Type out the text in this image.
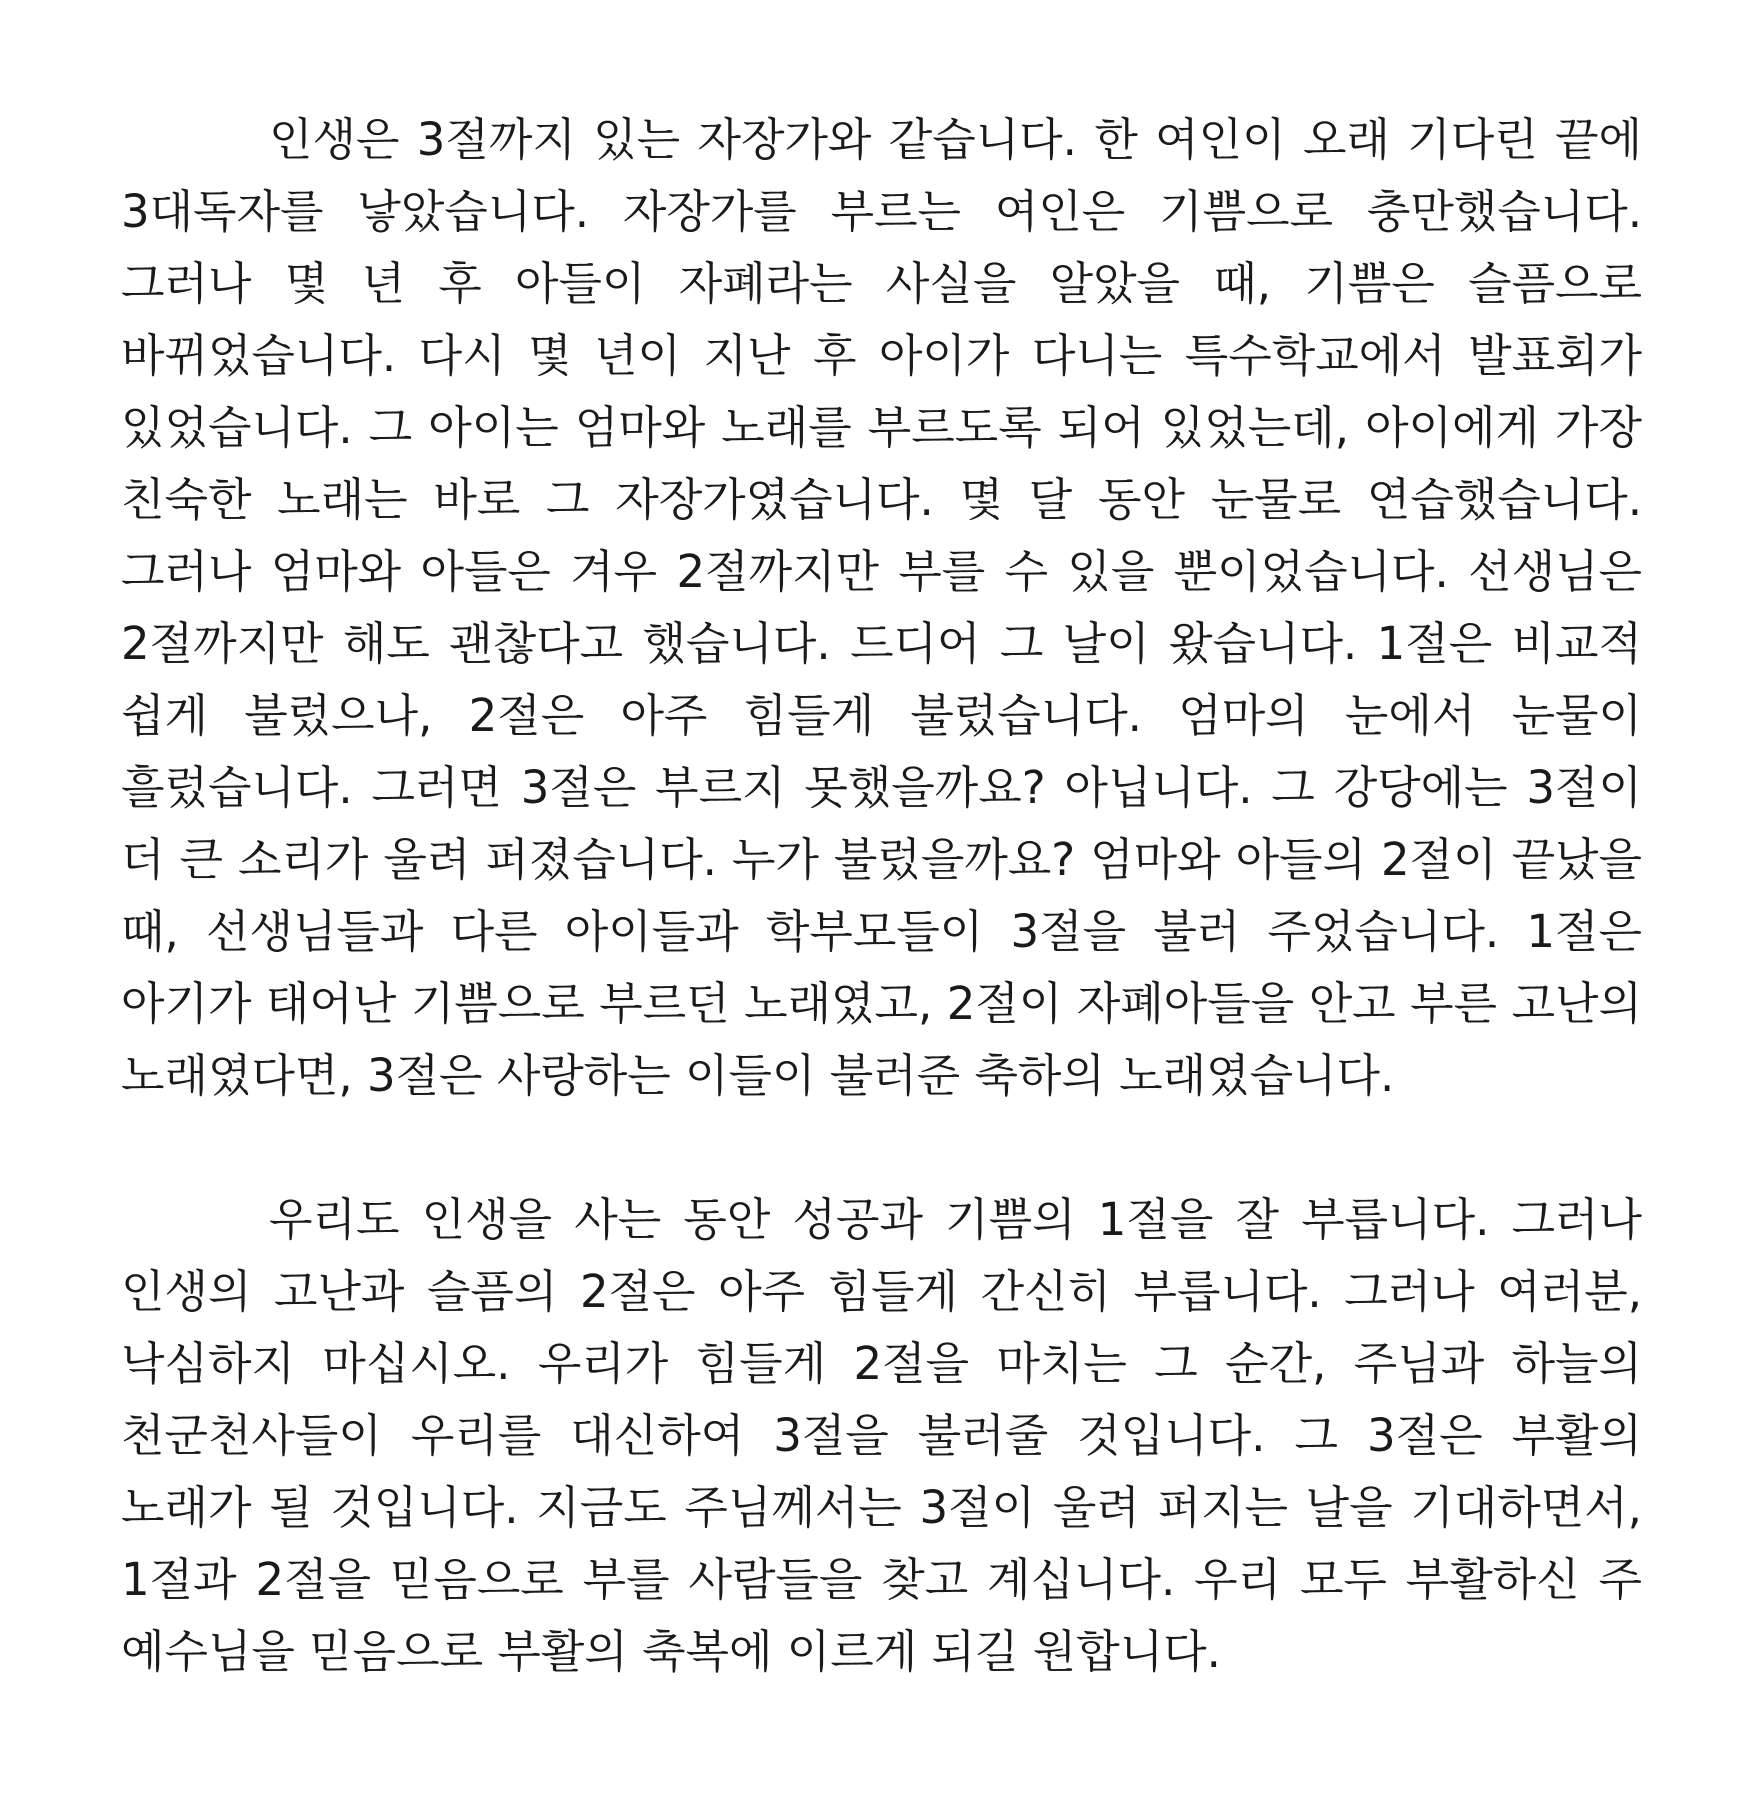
인생은 3절까지 있는 자장가와 같습니다. 한 여인이 오래 기다린 끝에 3대독자를 낳았습니다. 자장가를 부르는 여인은 기쁨으로 충만했습니다. 그러나 몇 년 후 아들이 자폐라는 사실을 알았을 때, 기쁨은 슬픔으로 바뀌었습니다. 다시 몇 년이 지난 후 아이가 다니는 특수학교에서 발표회가 있었습니다. 그 아이는 엄마와 노래를 부르도록 되어 있었는데, 아이에게 가장 친숙한 노래는 바로 그 자장가였습니다. 몇 달 동안 눈물로 연습했습니다. 그러나 엄마와 아들은 겨우 2절까지만 부를 수 있을 뿐이었습니다. 선생님은 2절까지만 해도 괜찮다고 했습니다. 드디어 그 날이 왔습니다. 1절은 비교적 쉽게 불렀으나, 2절은 아주 힘들게 불렀습니다. 엄마의 눈에서 눈물이 흘렀습니다. 그러면 3절은 부르지 못했을까요? 아닙니다. 그 강당에는 3절이 더 큰 소리가 울려 퍼졌습니다. 누가 불렀을까요? 엄마와 아들의 2절이 끝났을 때, 선생님들과 다른 아이들과 학부모들이 3절을 불러 주었습니다. 1절은 아기가 태어난 기쁨으로 부르던 노래였고, 2절이 자폐아들을 안고 부른 고난의 노래였다면, 3절은 사랑하는 이들이 불러준 축하의 노래였습니다.

우리도 인생을 사는 동안 성공과 기쁨의 1절을 잘 부릅니다. 그러나 인생의 고난과 슬픔의 2절은 아주 힘들게 간신히 부릅니다. 그러나 여러분, 낙심하지 마십시오. 우리가 힘들게 2절을 마치는 그 순간, 주님과 하늘의 천군천사들이 우리를 대신하여 3절을 불러줄 것입니다. 그 3절은 부활의 노래가 될 것입니다. 지금도 주님께서는 3절이 울려 퍼지는 날을 기대하면서, 1절과 2절을 믿음으로 부를 사람들을 찾고 계십니다. 우리 모두 부활하신 주 예수님을 믿음으로 부활의 축복에 이르게 되길 원합니다.
